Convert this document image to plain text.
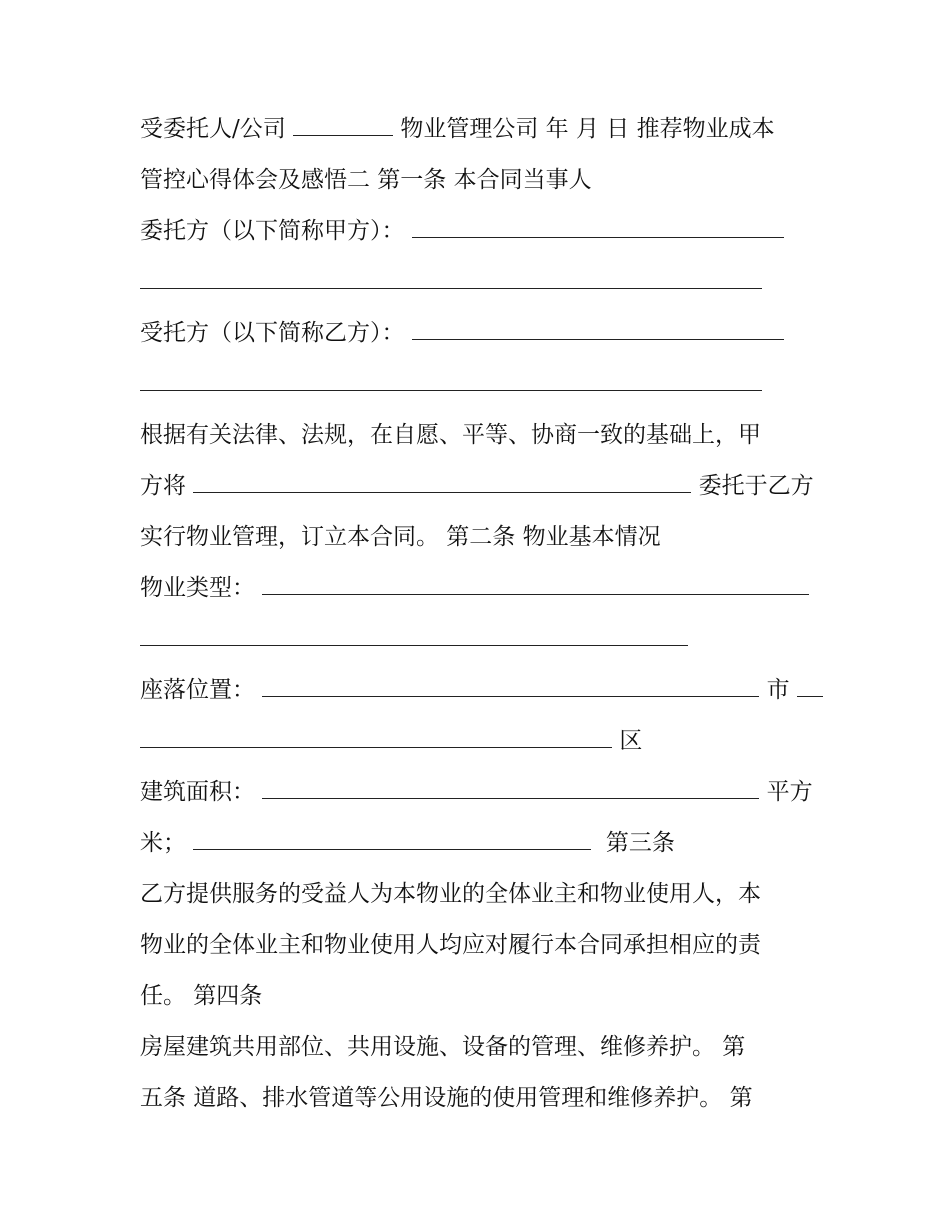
受委托人/公司	物业管理公司 年 月 日 推荐物业成本
管控心得体会及感悟二 第一条 本合同当事人
委托方（以下简称甲方）：
受托方（以下简称乙方）：
根据有关法律、法规，在自愿、平等、协商一致的基础上，甲
方将	委托于乙方
实行物业管理，订立本合同。 第二条 物业基本情况
物业类型：
座落位置：	市
区
建筑面积：	平方
米；	第三条
乙方提供服务的受益人为本物业的全体业主和物业使用人，本
物业的全体业主和物业使用人均应对履行本合同承担相应的责
任。 第四条
房屋建筑共用部位、共用设施、设备的管理、维修养护。 第
五条 道路、排水管道等公用设施的使用管理和维修养护。 第
